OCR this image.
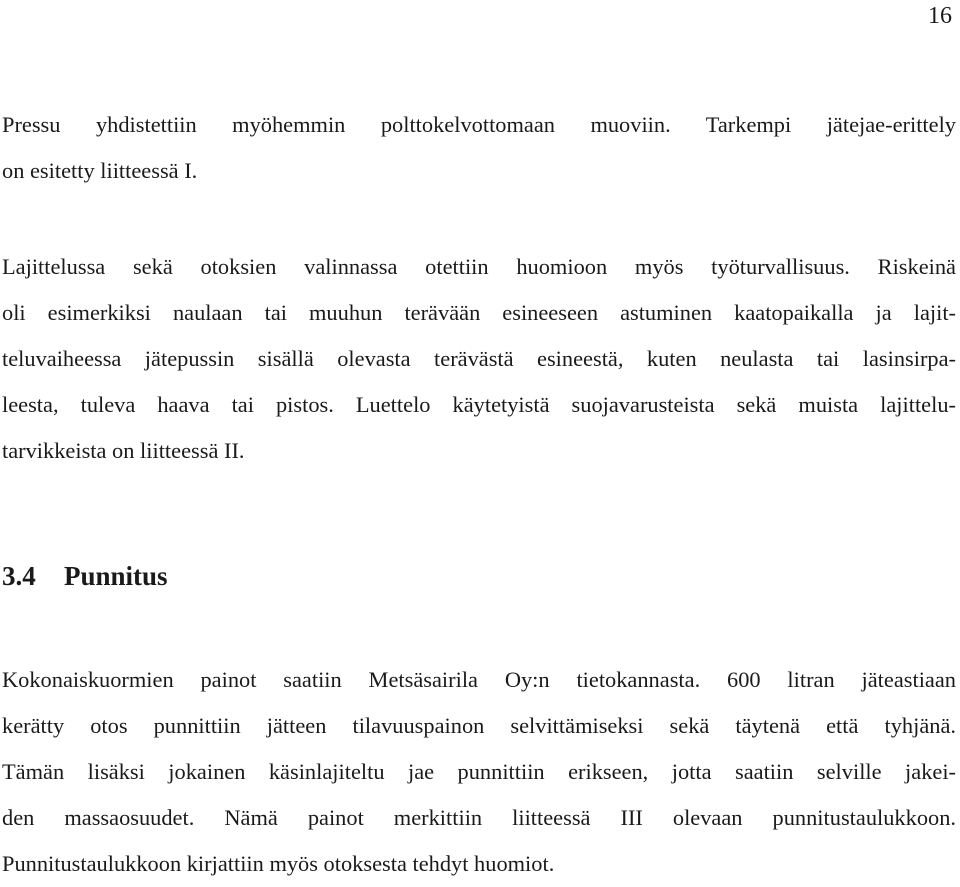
16
Pressu yhdistettiin myöhemmin polttokelvottomaan muoviin. Tarkempi jätejae-erittely
on esitetty liitteessä I.
Lajittelussa sekä otoksien valinnassa otettiin huomioon myös työturvallisuus. Riskeinä
oli esimerkiksi naulaan tai muuhun terävään esineeseen astuminen kaatopaikalla ja lajit-
teluvaiheessa jätepussin sisällä olevasta terävästä esineestä, kuten neulasta tai lasinsirpa-
leesta, tuleva haava tai pistos. Luettelo käytetyistä suojavarusteista sekä muista lajittelu-
tarvikkeista on liitteessä II.
3.4 Punnitus
Kokonaiskuormien painot saatiin Metsäsairila Oy:n tietokannasta. 600 litran jäteastiaan
kerätty otos punnittiin jätteen tilavuuspainon selvittämiseksi sekä täytenä että tyhjänä.
Tämän lisäksi jokainen käsinlajiteltu jae punnittiin erikseen, jotta saatiin selville jakei-
den massaosuudet. Nämä painot merkittiin liitteessä III olevaan punnitustaulukkoon.
Punnitustaulukkoon kirjattiin myös otoksesta tehdyt huomiot.
